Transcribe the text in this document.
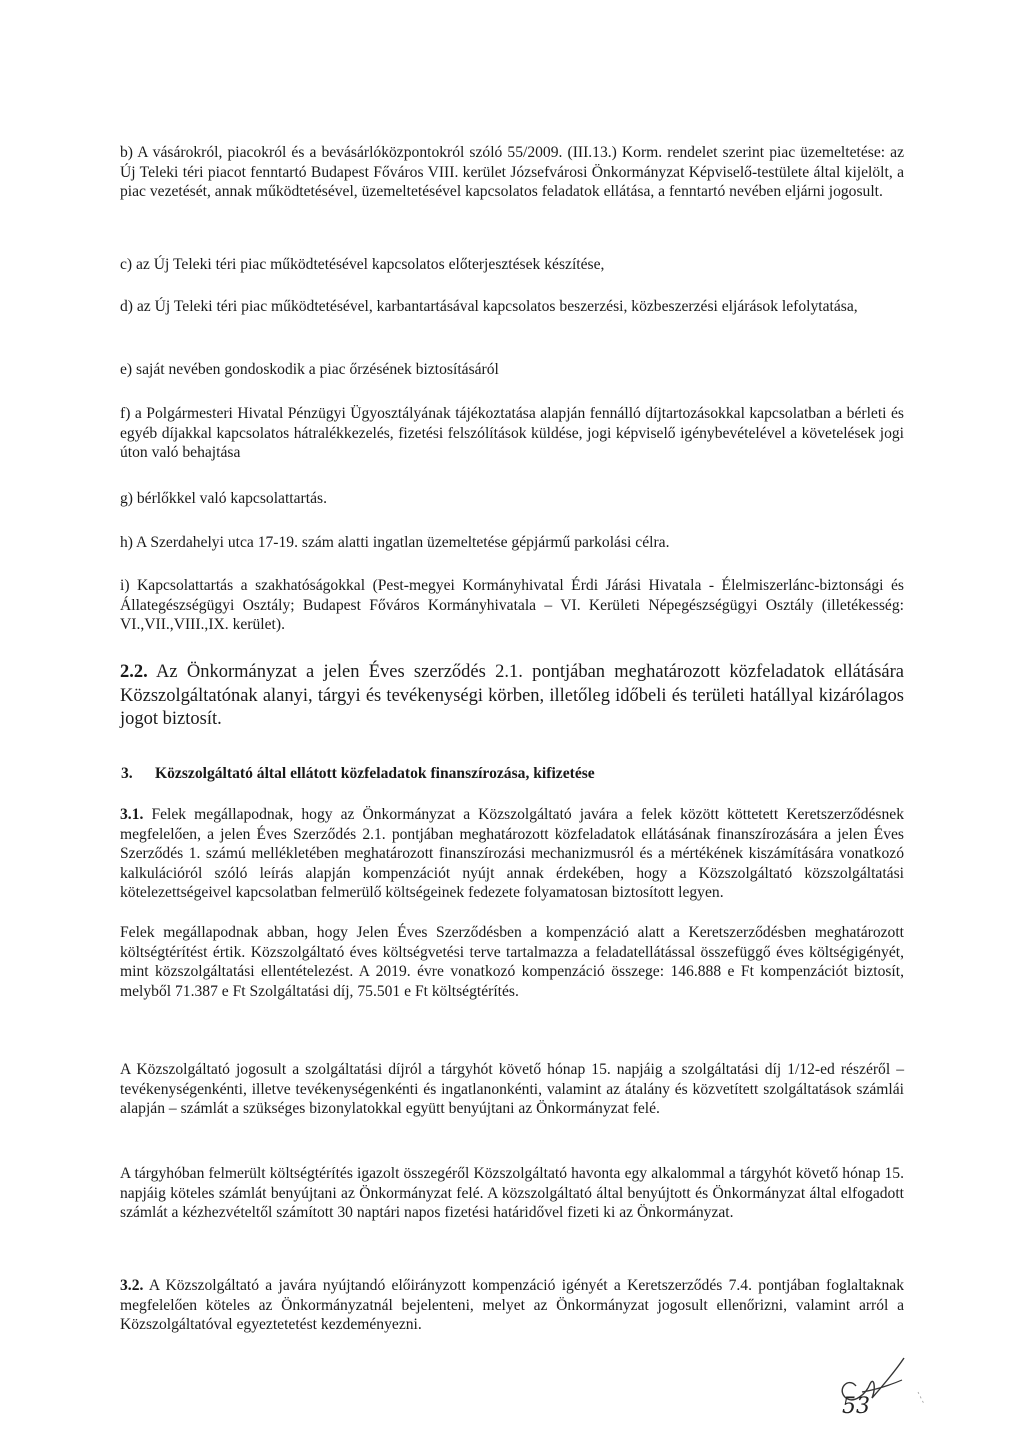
b) A vásárokról, piacokról és a bevásárlóközpontokról szóló 55/2009. (III.13.) Korm. rendelet szerint piac üzemeltetése: az Új Teleki téri piacot fenntartó Budapest Főváros VIII. kerület Józsefvárosi Önkormányzat Képviselő-testülete által kijelölt, a piac vezetését, annak működtetésével, üzemeltetésével kapcsolatos feladatok ellátása, a fenntartó nevében eljárni jogosult.

c) az Új Teleki téri piac működtetésével kapcsolatos előterjesztések készítése,

d) az Új Teleki téri piac működtetésével, karbantartásával kapcsolatos beszerzési, közbeszerzési eljárások lefolytatása,

e) saját nevében gondoskodik a piac őrzésének biztosításáról

f) a Polgármesteri Hivatal Pénzügyi Ügyosztályának tájékoztatása alapján fennálló díjtartozásokkal kapcsolatban a bérleti és egyéb díjakkal kapcsolatos hátralékkezelés, fizetési felszólítások küldése, jogi képviselő igénybevételével a követelések jogi úton való behajtása

g) bérlőkkel való kapcsolattartás.

h) A Szerdahelyi utca 17-19. szám alatti ingatlan üzemeltetése gépjármű parkolási célra.

i) Kapcsolattartás a szakhatóságokkal (Pest-megyei Kormányhivatal Érdi Járási Hivatala - Élelmiszerlánc-biztonsági és Állategészségügyi Osztály; Budapest Főváros Kormányhivatala – VI. Kerületi Népegészségügyi Osztály (illetékesség: VI.,VII.,VIII.,IX. kerület).

2.2. Az Önkormányzat a jelen Éves szerződés 2.1. pontjában meghatározott közfeladatok ellátására Közszolgáltatónak alanyi, tárgyi és tevékenységi körben, illetőleg időbeli és területi hatállyal kizárólagos jogot biztosít.

3. Közszolgáltató által ellátott közfeladatok finanszírozása, kifizetése

3.1. Felek megállapodnak, hogy az Önkormányzat a Közszolgáltató javára a felek között köttetett Keretszerződésnek megfelelően, a jelen Éves Szerződés 2.1. pontjában meghatározott közfeladatok ellátásának finanszírozására a jelen Éves Szerződés 1. számú mellékletében meghatározott finanszírozási mechanizmusról és a mértékének kiszámítására vonatkozó kalkulációról szóló leírás alapján kompenzációt nyújt annak érdekében, hogy a Közszolgáltató közszolgáltatási kötelezettségeivel kapcsolatban felmerülő költségeinek fedezete folyamatosan biztosított legyen.

Felek megállapodnak abban, hogy Jelen Éves Szerződésben a kompenzáció alatt a Keretszerződésben meghatározott költségtérítést értik. Közszolgáltató éves költségvetési terve tartalmazza a feladatellátással összefüggő éves költségigényét, mint közszolgáltatási ellentételezést. A 2019. évre vonatkozó kompenzáció összege: 146.888 e Ft kompenzációt biztosít, melyből 71.387 e Ft Szolgáltatási díj, 75.501 e Ft költségtérítés.

A Közszolgáltató jogosult a szolgáltatási díjról a tárgyhót követő hónap 15. napjáig a szolgáltatási díj 1/12-ed részéről – tevékenységenkénti, illetve tevékenységenkénti és ingatlanonkénti, valamint az átalány és közvetített szolgáltatások számlái alapján – számlát a szükséges bizonylatokkal együtt benyújtani az Önkormányzat felé.

A tárgyhóban felmerült költségtérítés igazolt összegéről Közszolgáltató havonta egy alkalommal a tárgyhót követő hónap 15. napjáig köteles számlát benyújtani az Önkormányzat felé. A közszolgáltató által benyújtott és Önkormányzat által elfogadott számlát a kézhezvételtől számított 30 naptári napos fizetési határidővel fizeti ki az Önkormányzat.

3.2. A Közszolgáltató a javára nyújtandó előirányzott kompenzáció igényét a Keretszerződés 7.4. pontjában foglaltaknak megfelelően köteles az Önkormányzatnál bejelenteni, melyet az Önkormányzat jogosult ellenőrizni, valamint arról a Közszolgáltatóval egyeztetetést kezdeményezni.

53
